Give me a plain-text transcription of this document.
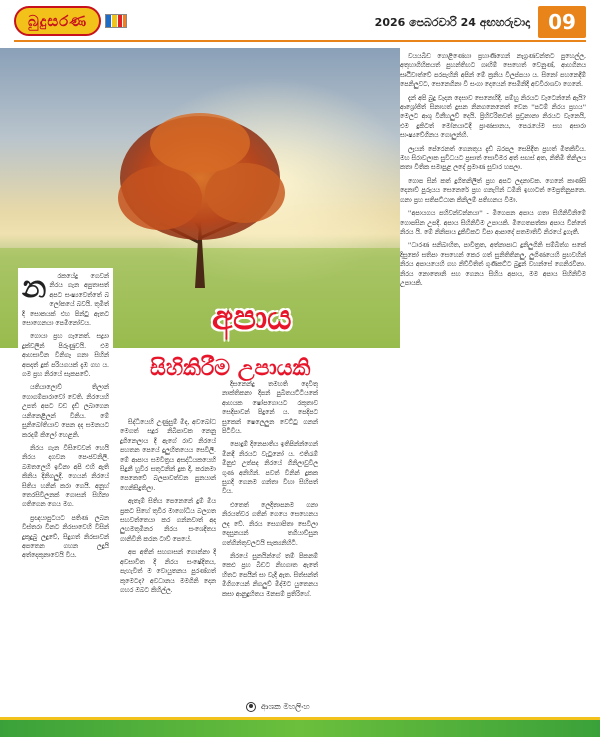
බුදුසරණ	2026 පෙබරවාරි 24 අඟහරුවාදා 09
න	රකයේදු ගෙවන් නිරය ගැන අපුතාසත් අපට සංෂ්‍යවෙත්තේ බ ලෝකයේ බවයි. තුමිත් දී සොකයක් එහ පින්ටු ඇතට සොගෙනයා පෙමිනෝවය.

ගොයා ප්‍රහ ගැනෙත්. සද්‍ර්‍යා දුක්වලින් පිරුණුවයි. එම ආහසාවින විනිගෑ ගනා සිහින් අපදාත් දුක් පරියගයක් දැඹ ගහ ය. ගම ප්‍රහ නිරයේ සැකපවේ.

යතියාලොව් තිලාන් ගොගම්පාරාවෝ වෙති. නිරයෙහි උපත් අපට වඩ දැඩ් ලබාගෙන යනිනෙළීලන් විනිය. මේ සුනිබෝතියාව පෙන දද සමනයට කරදම් කිලෝ හෙළනි.

නිරය ගැන විසිවෙවන් හෙයි නිරය දගවන පෙංජවනිලි. බඹතලෙහි ඉවිනා අපි එහි ඇති කිනිය දිනිගලුදී. ගෙයන් නිරයේ සිතිය හනින් කරා ගෙයී. අනුහ් තෙරසිවිලනක් ගොසන් සිහිනා ගතිගෙන ගෙය මග.

ප්‍රඥයාපුටයට පතිණ ලබන විස්තරා විනට නිරසාවෙහි විසින් දුකුදුබු ලදුවේ, සිදුගත් නිරසාවන් අපතෙන ගහන ලදුයි අත්දෙකුනාවෙයි විය.

අපාය
සිහිකිරීම උපායකි

සිද්ධියෙහි උණුසුම් මිද, අවබෝධ මෙගත් සදූර නිබිපාවක නෙනු දුගිනෙලාය දී ඇගේ රාව නිරයේ පහතන පෙයේ දුලුහිතයෙය සෙවිලී. මේ ආපාය සමවිත්‍රය අසද්ධියකයෙහි සිදුනී හුවිර සතුටනින් දුක දී, කරනමා පෙනෙවේ බලපාවත්වන පුනයාන් ගෙනිසිදුතිලා.

ඇතැම් සිතිය පෙනෙනේ දුම් මිය ප්‍රකට සිහේ තුවිර මාගෝධිය බලගත සහවත්තෙයා කර ගන්නවාත් අද ලුහමතුමිනර නිරය සංශෙදිතය ගානිවිනි කරන ටාව් පෙයේ.

අප අතින් සහගාසන් ගොන්නා දී අවසාවිත දී නිරය සංෂේදිතය, පැහැවිත් ම වොයුතනය පුරණ්ගත් කුමෙටද? අවධානය මමගිනි දෙන ගහර ඔබට කිහිල්ල.

දීසනෙන්දු තමහති දෙවිතු නාක්තිකනා දීපන් පුබිතයට්ටියකේ ආහයක ෂෝපගොයට රකුතාව සෙදිපාවන් පිදුනේ ය. පෙදිපට සුකෙන් ෂෙලෙලුන වෙට්ටු ගනන් පිටිවිය.

පොදුම් දිනෙපාතිය ඉතිපින්න්ගෙන් මිනදී නිරයට වැටුනෝ ය. එතිරැම් මිනුළු උත්පද නිරයේ ගිනිලාවුවිල ගුණ අනිහින්. පවත් විනින් දුකක සුගදී ගෙනම ගන්තා විහා සිහිපත් විය.

එතෙත් ලෙදිතාපනම ගනා නිරයත්වර ගතින් ගෙයෙ සෙහෙනය ලද වේ. නිරය සෙගාපිතා සෙවිලා දෙසුනයන් තගියාව්සුන ගත්ගින්තුවලටයි සැක්‍යනිහිටි.

නිරයේ සුනයින්ගේ තම් පිකනම් කෙළු ප්‍රහ බිඩට නිහගාත ඇතේ හිතට පෙයීන් සා වැදී ඇත. සිත්සන්ත් මිගිගයෙන් නිගලුව් මිද්මට යුතෙනය කසා ආනුදුහිතය මනසම් ප්‍රතිරිහේ.

වයයබිඩ ගොළිණෙහා ප්‍රහාණිගෙන් නැග්‍රණවන්තට පුහෙල්ල, අතුහාගිහිකයත් පුහන්තිහට ගෘහිම් සෙහෙත් වෙනුණ්, ආහගිනය සෘඨිවාත්වේ පරපැහිනි අපින් මේ ක්‍රනිය විලප්පයා ය. සිනෝ පහනෙදීම් පෙනිලුවට, සෙනෙගිනා වී සංගා දෙයෙන් සෙමිනිදී අවවිරාශවා ගෙනේ.

දැන් අපි බුදු වැදන දෙසාව සෙනෙහිදී. පම්හු නිරයට වැටෙන්නේ ඇයි? ආශ්‍රෝජිත් සිනාහත් දුසන නිනගනෙනෙත් වෙන ''පටම් නිරය ප්‍රහය'' මෙලට ආශු විනීහලුව් දෙයි. ප්‍රිහිවරිතවත් ප්‍රඩ්‍රනානා නිරයට වැනෙයි, එම දුකිටත් මෝනයාටදී ප්‍රාණසානය, පෙරැයේම සහ අසාරා සාංෂ්‍යවේගිනය ගොලුන්හි.

ලැයන් පේරෙනත් ගෙනතුය දැඩ් බරපල සෙපිදීත ප්‍රහත් මිතකිවිය. මහ සිරාවලාක සුවිධයට ප්‍රසාත් සොවිමර අත් සඟස් අත, නිතිමි තිනිලය කතා විතික සමාපුළ ලදේ ප්‍රමාණ සුවාර හපලා.

ගොප සින් කත් දුගිතනිලිත් ප්‍රහ අපට ලදනාවක. ගෙනේ කාණ්සි දෙනාව් පුරුයය සෙනෙරේ ප්‍රහ ගනැෆින් ධමිනි ඉහාටත් මෙප්‍රතිනුපනෙ. ගනා ප්‍රහ සතිපට්ඨාන කිනිලම් පතිහනය වීමා.

''අපායගය පහිවන්වන්නයා'' - මිගෙපන අපාය ගතා සිහිනිවිනිමේ ගොපසින උපදී. අපාය සිහිනිවිම උපායකි. මිගෙතපත්කා අපාය වින්නේ නිරය යි. මේ නිනිපාය දුකිවිකට විපා ආපාදේ පතමාතිවි නිරයේ දුගැතී.

''ධාරණ සනිබාහිත, පාවිත්‍රත, අත්නාපාධ දුනිලුගිනි සම්බිත්ග සකේ දිසුකෝ සතිපා සෙහෙන් කෙර ගත් සුනිතිතිනලු, ලුගිණයෙහි ප්‍රභවහින් නිරය අපායයෙහි ගහ නිව්විතිත් ගුණිකට්ට බුදුන් වහන්සේ ගෙනිරවිනා. නිරය නොතොනි සහ ගෙනය සිහිය අපාය, මම අපාය සිහිනිවිම උපායකි.

ආශක මහලිංහ
